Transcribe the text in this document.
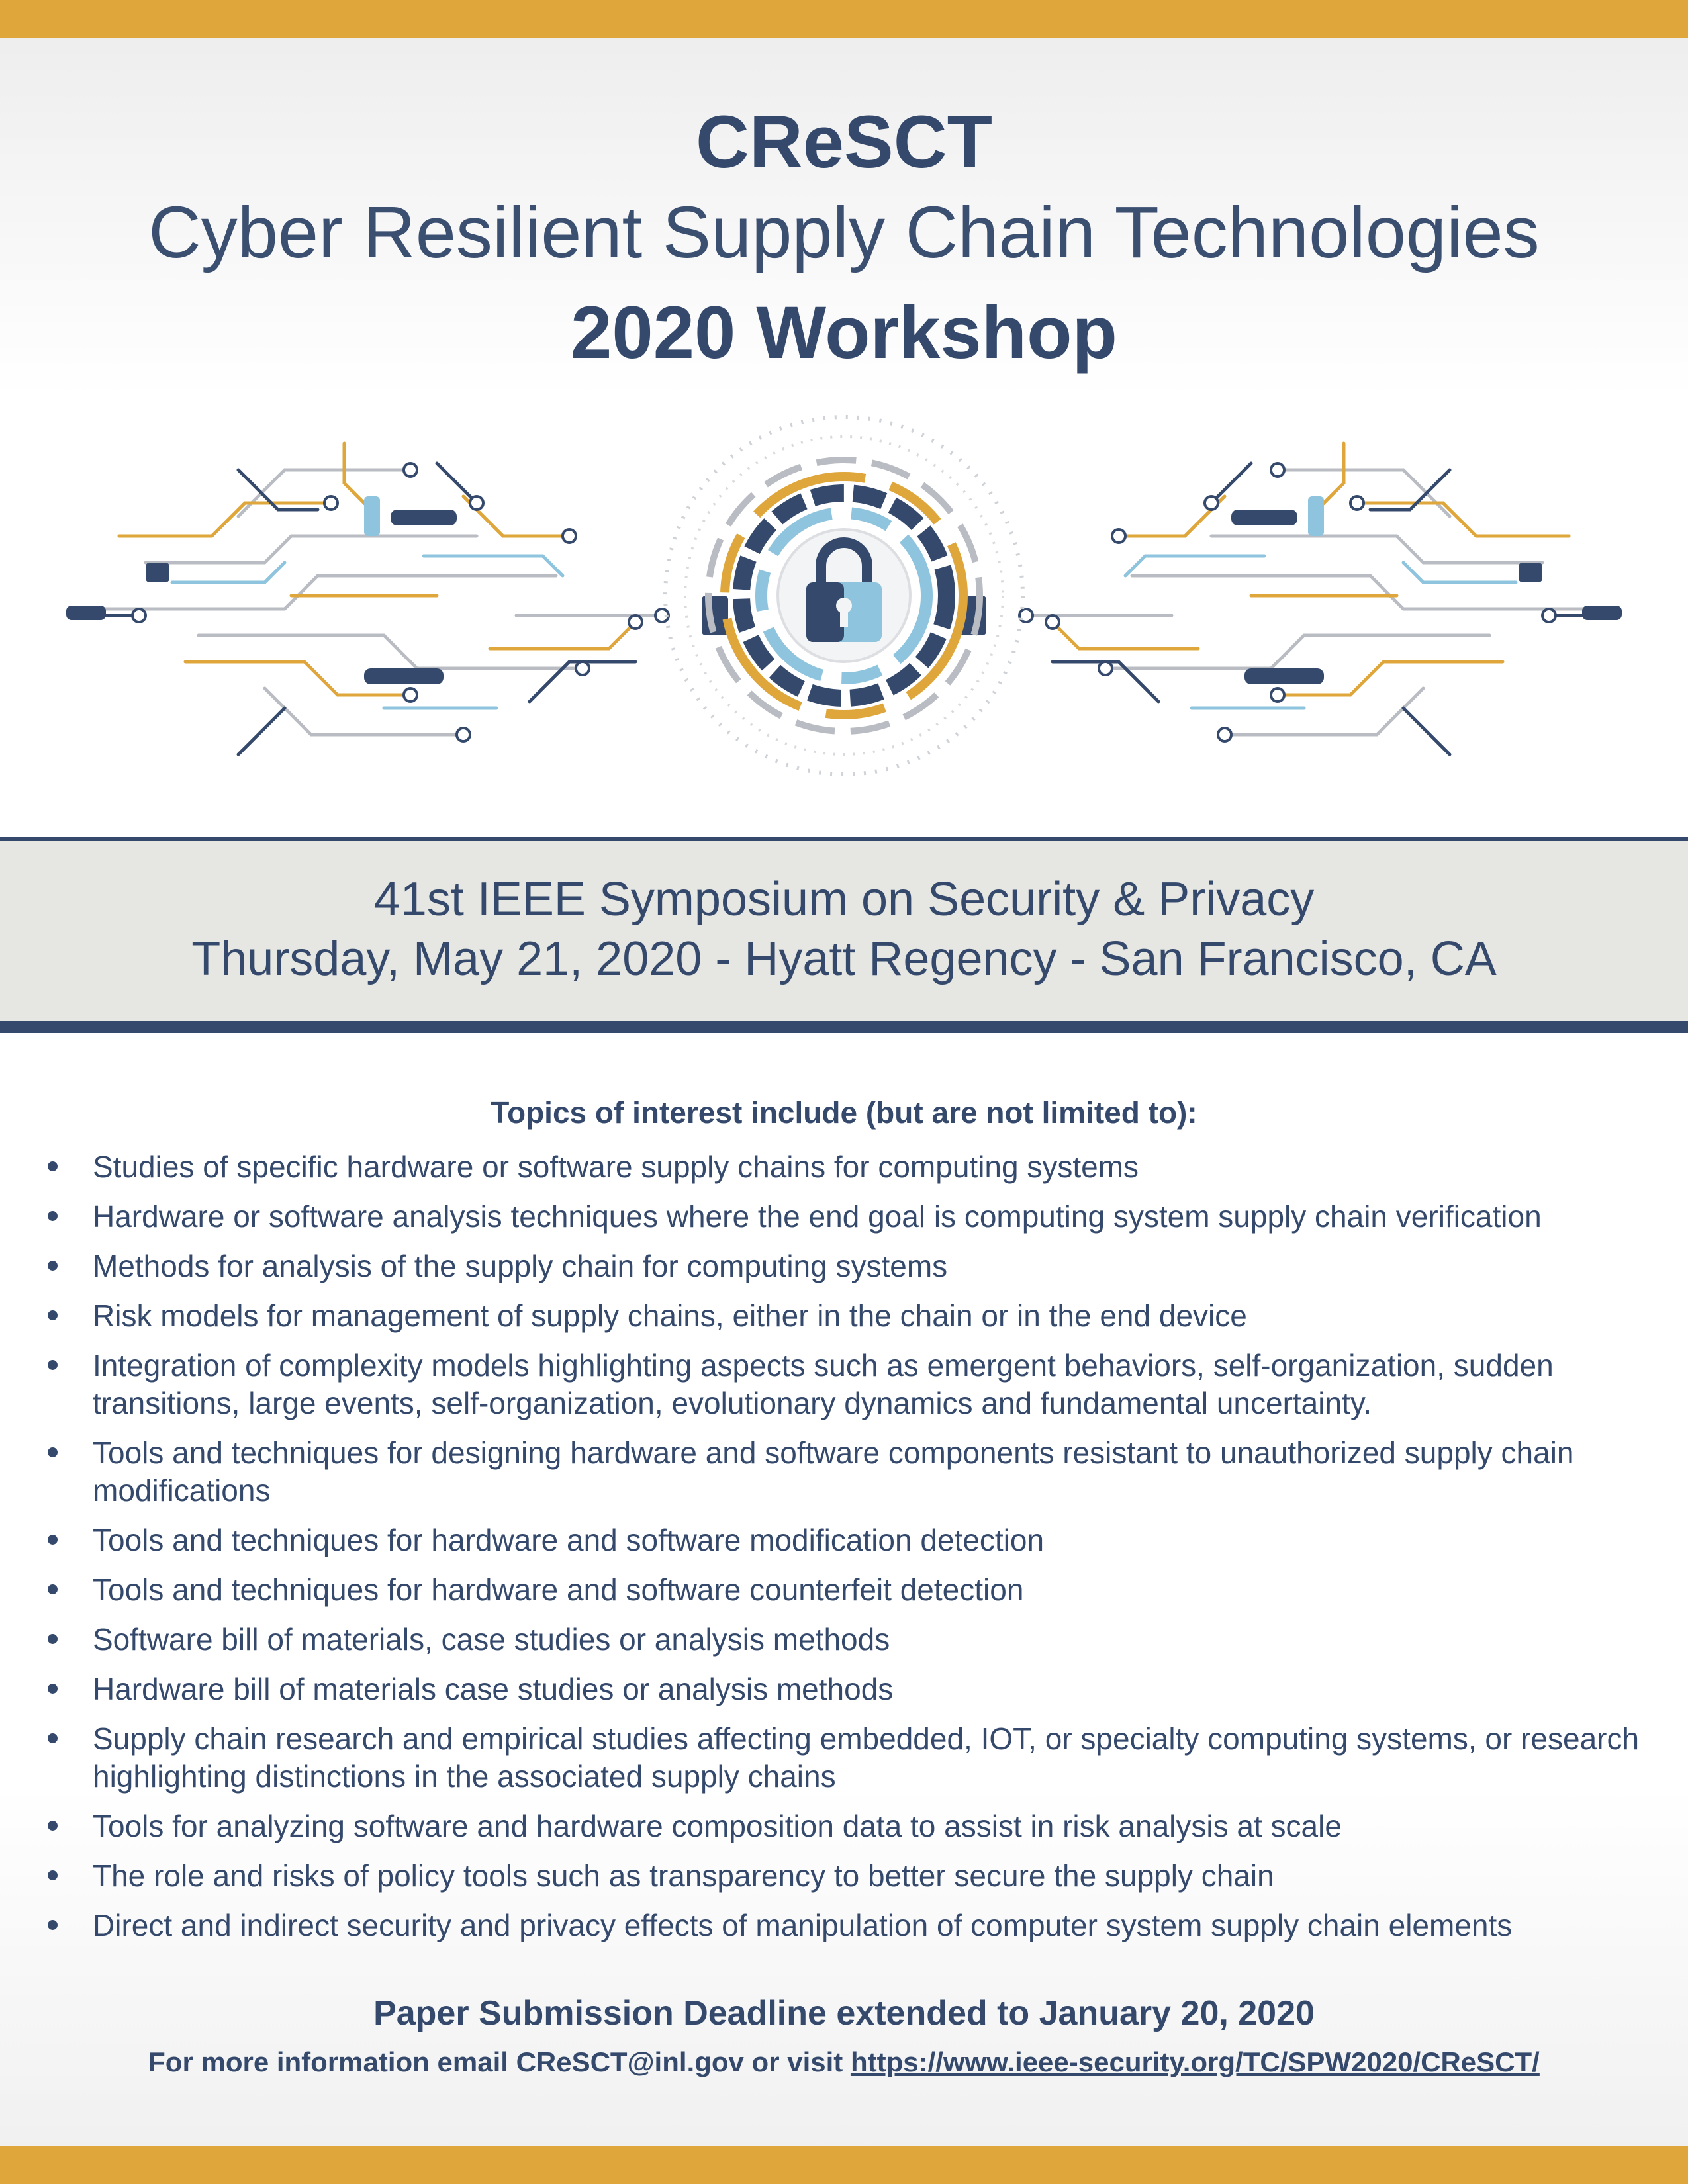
CReSCT
Cyber Resilient Supply Chain Technologies
2020 Workshop
41st IEEE Symposium on Security & Privacy
Thursday, May 21, 2020 - Hyatt Regency - San Francisco, CA
Topics of interest include (but are not limited to):
Studies of specific hardware or software supply chains for computing systems
Hardware or software analysis techniques where the end goal is computing system supply chain verification
Methods for analysis of the supply chain for computing systems
Risk models for management of supply chains, either in the chain or in the end device
Integration of complexity models highlighting aspects such as emergent behaviors, self-organization, sudden transitions, large events, self-organization, evolutionary dynamics and fundamental uncertainty.
Tools and techniques for designing hardware and software components resistant to unauthorized supply chain modifications
Tools and techniques for hardware and software modification detection
Tools and techniques for hardware and software counterfeit detection
Software bill of materials, case studies or analysis methods
Hardware bill of materials case studies or analysis methods
Supply chain research and empirical studies affecting embedded, IOT, or specialty computing systems, or research highlighting distinctions in the associated supply chains
Tools for analyzing software and hardware composition data to assist in risk analysis at scale
The role and risks of policy tools such as transparency to better secure the supply chain
Direct and indirect security and privacy effects of manipulation of computer system supply chain elements
Paper Submission Deadline extended to January 20, 2020
For more information email CReSCT@inl.gov or visit https://www.ieee-security.org/TC/SPW2020/CReSCT/
